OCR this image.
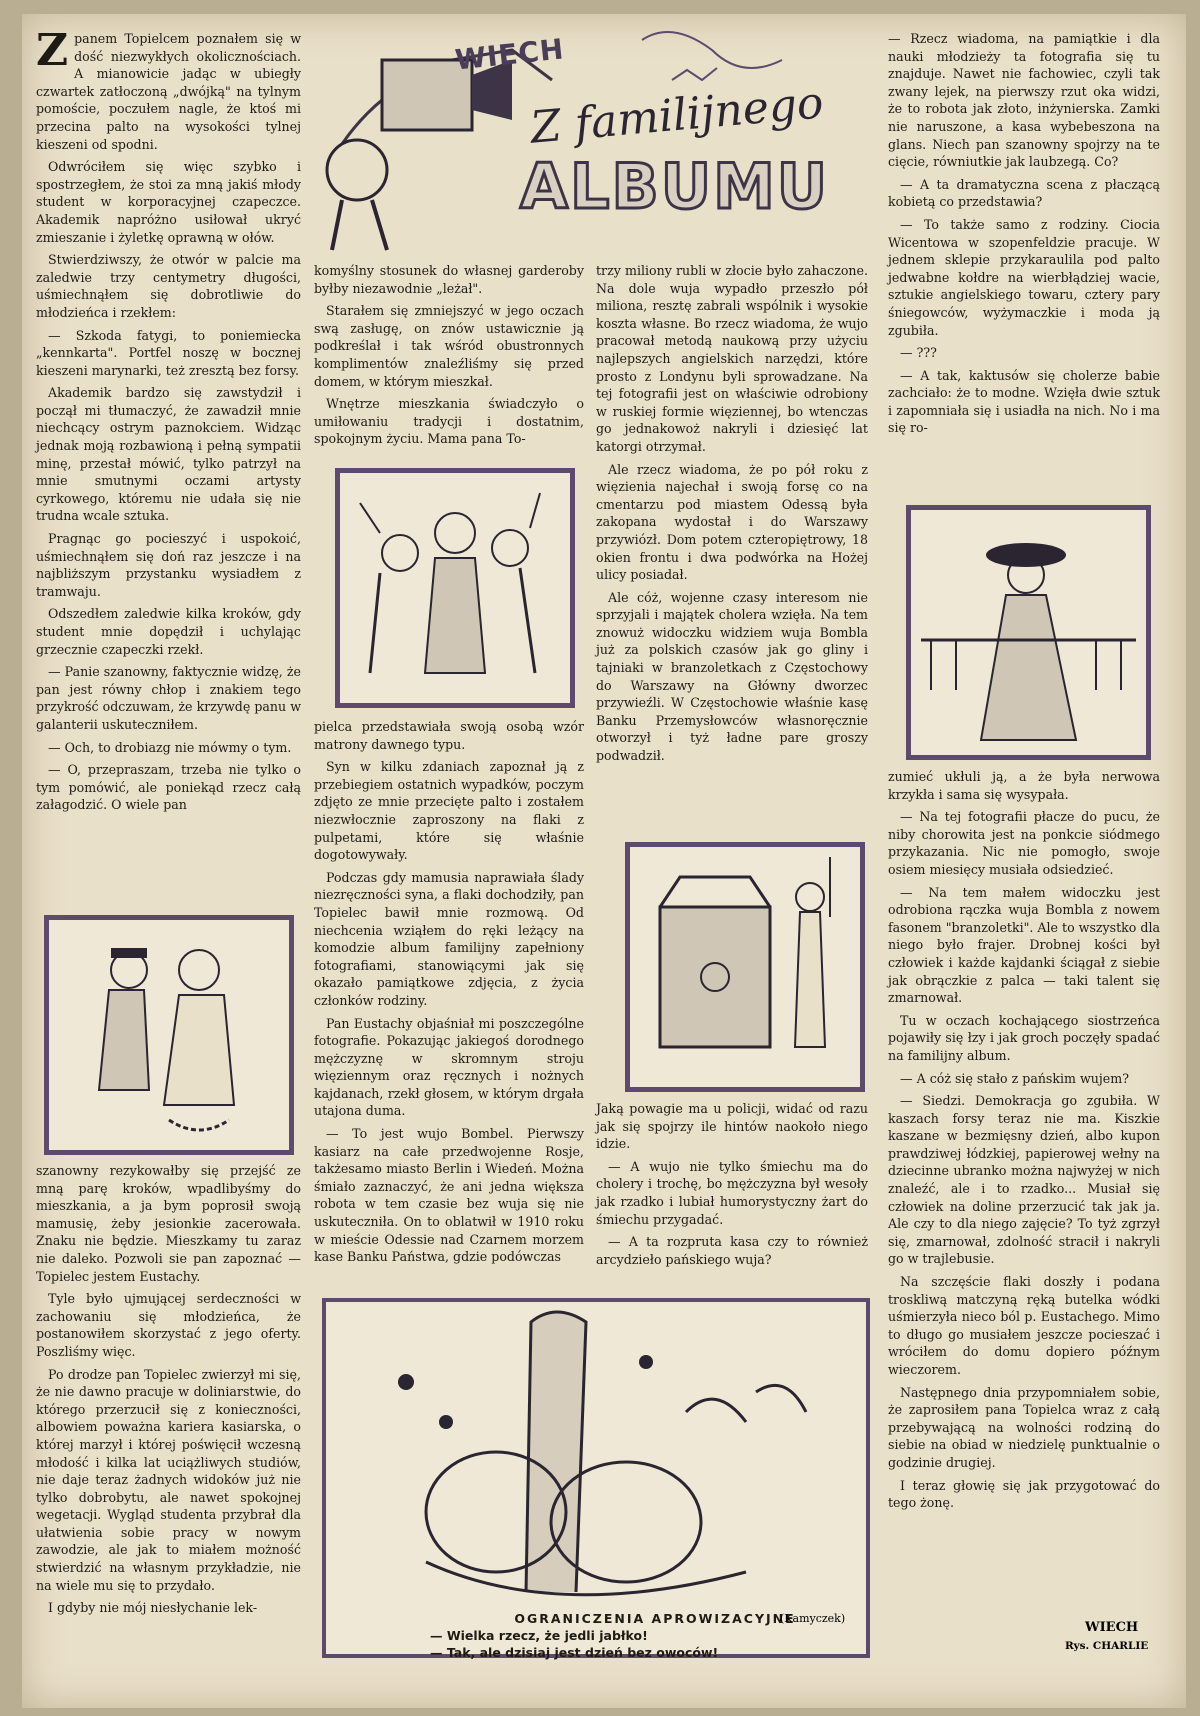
WIECH
Z familijnego
ALBUMU

Zpanem Topielcem poznałem się w dość niezwykłych okolicznościach. A mianowicie jadąc w ubiegły czwartek zatłoczoną „dwójką" na tylnym pomoście, poczułem nagle, że ktoś mi przecina palto na wysokości tylnej kieszeni od spodni.

Odwróciłem się więc szybko i spostrzegłem, że stoi za mną jakiś młody student w korporacyjnej czapeczce. Akademik napróżno usiłował ukryć zmieszanie i żyletkę oprawną w ołów.

Stwierdziwszy, że otwór w palcie ma zaledwie trzy centymetry długości, uśmiechnąłem się dobrotliwie do młodzieńca i rzekłem:

— Szkoda fatygi, to poniemiecka „kennkarta". Portfel noszę w bocznej kieszeni marynarki, też zresztą bez forsy.

Akademik bardzo się zawstydził i począł mi tłumaczyć, że zawadził mnie niechcący ostrym paznokciem. Widząc jednak moją rozbawioną i pełną sympatii minę, przestał mówić, tylko patrzył na mnie smutnymi oczami artysty cyrkowego, któremu nie udała się nie trudna wcale sztuka.

Pragnąc go pocieszyć i uspokoić, uśmiechnąłem się doń raz jeszcze i na najbliższym przystanku wysiadłem z tramwaju.

Odszedłem zaledwie kilka kroków, gdy student mnie dopędził i uchylając grzecznie czapeczki rzekł.

— Panie szanowny, faktycznie widzę, że pan jest równy chłop i znakiem tego przykrość odczuwam, że krzywdę panu w galanterii uskuteczniłem.

— Och, to drobiazg nie mówmy o tym.

— O, przepraszam, trzeba nie tylko o tym pomówić, ale poniekąd rzecz całą załagodzić. O wiele pan

szanowny rezykowałby się przejść ze mną parę kroków, wpadlibyśmy do mieszkania, a ja bym poprosił swoją mamusię, żeby jesionkie zacerowała. Znaku nie będzie. Mieszkamy tu zaraz nie daleko. Pozwoli sie pan zapoznać — Topielec jestem Eustachy.

Tyle było ujmującej serdeczności w zachowaniu się młodzieńca, że postanowiłem skorzystać z jego oferty. Poszliśmy więc.

Po drodze pan Topielec zwierzył mi się, że nie dawno pracuje w doliniarstwie, do którego przerzucił się z konieczności, albowiem poważna kariera kasiarska, o której marzył i której poświęcił wczesną młodość i kilka lat uciążliwych studiów, nie daje teraz żadnych widoków już nie tylko dobrobytu, ale nawet spokojnej wegetacji. Wygląd studenta przybrał dla ułatwienia sobie pracy w nowym zawodzie, ale jak to miałem możność stwierdzić na własnym przykładzie, nie na wiele mu się to przydało.

I gdyby nie mój niesłychanie lek-

komyślny stosunek do własnej garderoby byłby niezawodnie „leżał".

Starałem się zmniejszyć w jego oczach swą zasługę, on znów ustawicznie ją podkreślał i tak wśród obustronnych komplimentów znaleźliśmy się przed domem, w którym mieszkał.

Wnętrze mieszkania świadczyło o umiłowaniu tradycji i dostatnim, spokojnym życiu. Mama pana To-

pielca przedstawiała swoją osobą wzór matrony dawnego typu.

Syn w kilku zdaniach zapoznał ją z przebiegiem ostatnich wypadków, poczym zdjęto ze mnie przecięte palto i zostałem niezwłocznie zaproszony na flaki z pulpetami, które się właśnie dogotowywały.

Podczas gdy mamusia naprawiała ślady niezręczności syna, a flaki dochodziły, pan Topielec bawił mnie rozmową. Od niechcenia wziąłem do ręki leżący na komodzie album familijny zapełniony fotografiami, stanowiącymi jak się okazało pamiątkowe zdjęcia, z życia członków rodziny.

Pan Eustachy objaśniał mi poszczególne fotografie. Pokazując jakiegoś dorodnego mężczyznę w skromnym stroju więziennym oraz ręcznych i nożnych kajdanach, rzekł głosem, w którym drgała utajona duma.

— To jest wujo Bombel. Pierwszy kasiarz na całe przedwojenne Rosje, takżesamo miasto Berlin i Wiedeń. Można śmiało zaznaczyć, że ani jedna większa robota w tem czasie bez wuja się nie uskuteczniła. On to oblatwił w 1910 roku w mieście Odessie nad Czarnem morzem kase Banku Państwa, gdzie podówczas

trzy miliony rubli w złocie było zahaczone. Na dole wuja wypadło przeszło pół miliona, resztę zabrali wspólnik i wysokie koszta własne. Bo rzecz wiadoma, że wujo pracował metodą naukową przy użyciu najlepszych angielskich narzędzi, które prosto z Londynu byli sprowadzane. Na tej fotografii jest on właściwie odrobiony w ruskiej formie więziennej, bo wtenczas go jednakowoż nakryli i dziesięć lat katorgi otrzymał.

Ale rzecz wiadoma, że po pół roku z więzienia najechał i swoją forsę co na cmentarzu pod miastem Odessą była zakopana wydostał i do Warszawy przywiózł. Dom potem czteropiętrowy, 18 okien frontu i dwa podwórka na Hożej ulicy posiadał.

Ale cóż, wojenne czasy interesom nie sprzyjali i majątek cholera wzięła. Na tem znowuż widoczku widziem wuja Bombla już za polskich czasów jak go gliny i tajniaki w branzoletkach z Częstochowy do Warszawy na Główny dworzec przywieźli. W Częstochowie właśnie kasę Banku Przemysłowców własnoręcznie otworzył i tyż ładne pare groszy podwadził.

Jaką powagie ma u policji, widać od razu jak się spojrzy ile hintów naokoło niego idzie.

— A wujo nie tylko śmiechu ma do cholery i trochę, bo mężczyzna był wesoły jak rzadko i lubiał humorystyczny żart do śmiechu przygadać.

— A ta rozpruta kasa czy to również arcydzieło pańskiego wuja?

— Rzecz wiadoma, na pamiątkie i dla nauki młodzieży ta fotografia się tu znajduje. Nawet nie fachowiec, czyli tak zwany lejek, na pierwszy rzut oka widzi, że to robota jak złoto, inżynierska. Zamki nie naruszone, a kasa wybebeszona na glans. Niech pan szanowny spojrzy na te cięcie, równiutkie jak laubzegą. Co?

— A ta dramatyczna scena z płaczącą kobietą co przedstawia?

— To także samo z rodziny. Ciocia Wicentowa w szopenfeldzie pracuje. W jednem sklepie przykaraulila pod palto jedwabne kołdre na wierbłądziej wacie, sztukie angielskiego towaru, cztery pary śniegowców, wyżymaczkie i moda ją zgubiła.

— ???

— A tak, kaktusów się cholerze babie zachciało: że to modne. Wzięła dwie sztuk i zapomniała się i usiadła na nich. No i ma się ro-

zumieć ukłuli ją, a że była nerwowa krzykła i sama się wysypała.

— Na tej fotografii płacze do pucu, że niby chorowita jest na ponkcie siódmego przykazania. Nic nie pomogło, swoje osiem miesięcy musiała odsiedzieć.

— Na tem małem widoczku jest odrobiona rączka wuja Bombla z nowem fasonem "branzoletki". Ale to wszystko dla niego było frajer. Drobnej kości był człowiek i każde kajdanki ściągał z siebie jak obrączkie z palca — taki talent się zmarnował.

Tu w oczach kochającego siostrzeńca pojawiły się łzy i jak groch poczęły spadać na familijny album.

— A cóż się stało z pańskim wujem?

— Siedzi. Demokracja go zgubiła. W kaszach forsy teraz nie ma. Kiszkie kaszane w bezmięsny dzień, albo kupon prawdziwej łódzkiej, papierowej wełny na dziecinne ubranko można najwyżej w nich znaleźć, ale i to rzadko... Musiał się człowiek na doline przerzucić tak jak ja. Ale czy to dla niego zajęcie? To tyż zgrzył się, zmarnował, zdolność stracił i nakryli go w trajlebusie.

Na szczęście flaki doszły i podana troskliwą matczyną ręką butelka wódki uśmierzyła nieco ból p. Eustachego. Mimo to długo go musiałem jeszcze pocieszać i wróciłem do domu dopiero późnym wieczorem.

Następnego dnia przypomniałem sobie, że zaprosiłem pana Topielca wraz z całą przebywającą na wolności rodziną do siebie na obiad w niedzielę punktualnie o godzinie drugiej.

I teraz głowię się jak przygotować do tego żonę.

WIECH
Rys. CHARLIE
OGRANICZENIA APROWIZACYJNE
— Wielka rzecz, że jedli jabłko!
— Tak, ale dzisiaj jest dzień bez owoców!
(Kamyczek)
